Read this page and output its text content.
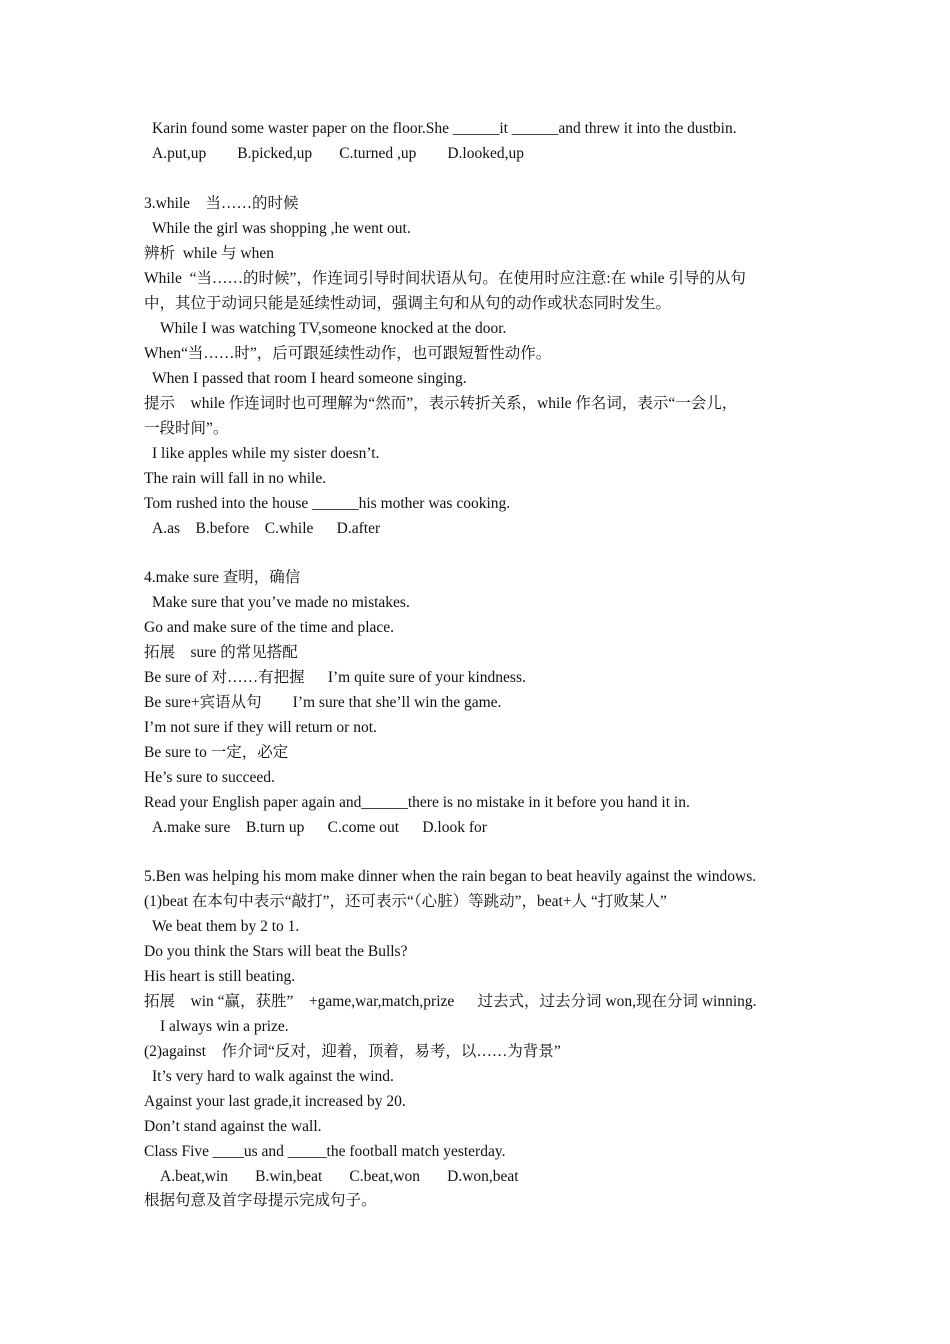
Karin found some waster paper on the floor.She ______it ______and threw it into the dustbin.
A.put,up        B.picked,up       C.turned ,up        D.looked,up
3.while    当……的时候
While the girl was shopping ,he went out.
辨析  while 与 when
While  “当……的时候”，作连词引导时间状语从句。在使用时应注意:在 while 引导的从句
中，其位于动词只能是延续性动词，强调主句和从句的动作或状态同时发生。
While I was watching TV,someone knocked at the door.
When“当……时”，后可跟延续性动作，也可跟短暂性动作。
When I passed that room I heard someone singing.
提示    while 作连词时也可理解为“然而”，表示转折关系，while 作名词，表示“一会儿，
一段时间”。
I like apples while my sister doesn’t.
The rain will fall in no while.
Tom rushed into the house ______his mother was cooking.
A.as    B.before    C.while      D.after
4.make sure 查明，确信
Make sure that you’ve made no mistakes.
Go and make sure of the time and place.
拓展    sure 的常见搭配
Be sure of 对……有把握      I’m quite sure of your kindness.
Be sure+宾语从句        I’m sure that she’ll win the game.
I’m not sure if they will return or not.
Be sure to 一定，必定
He’s sure to succeed.
Read your English paper again and______there is no mistake in it before you hand it in.
A.make sure    B.turn up      C.come out      D.look for
5.Ben was helping his mom make dinner when the rain began to beat heavily against the windows.
(1)beat 在本句中表示“敲打”，还可表示“（心脏）等跳动”，beat+人 “打败某人”
We beat them by 2 to 1.
Do you think the Stars will beat the Bulls?
His heart is still beating.
拓展    win “赢，获胜”    +game,war,match,prize      过去式，过去分词 won,现在分词 winning.
I always win a prize.
(2)against    作介词“反对，迎着，顶着，易考，以……为背景”
It’s very hard to walk against the wind.
Against your last grade,it increased by 20.
Don’t stand against the wall.
Class Five ____us and _____the football match yesterday.
A.beat,win       B.win,beat       C.beat,won       D.won,beat
根据句意及首字母提示完成句子。
